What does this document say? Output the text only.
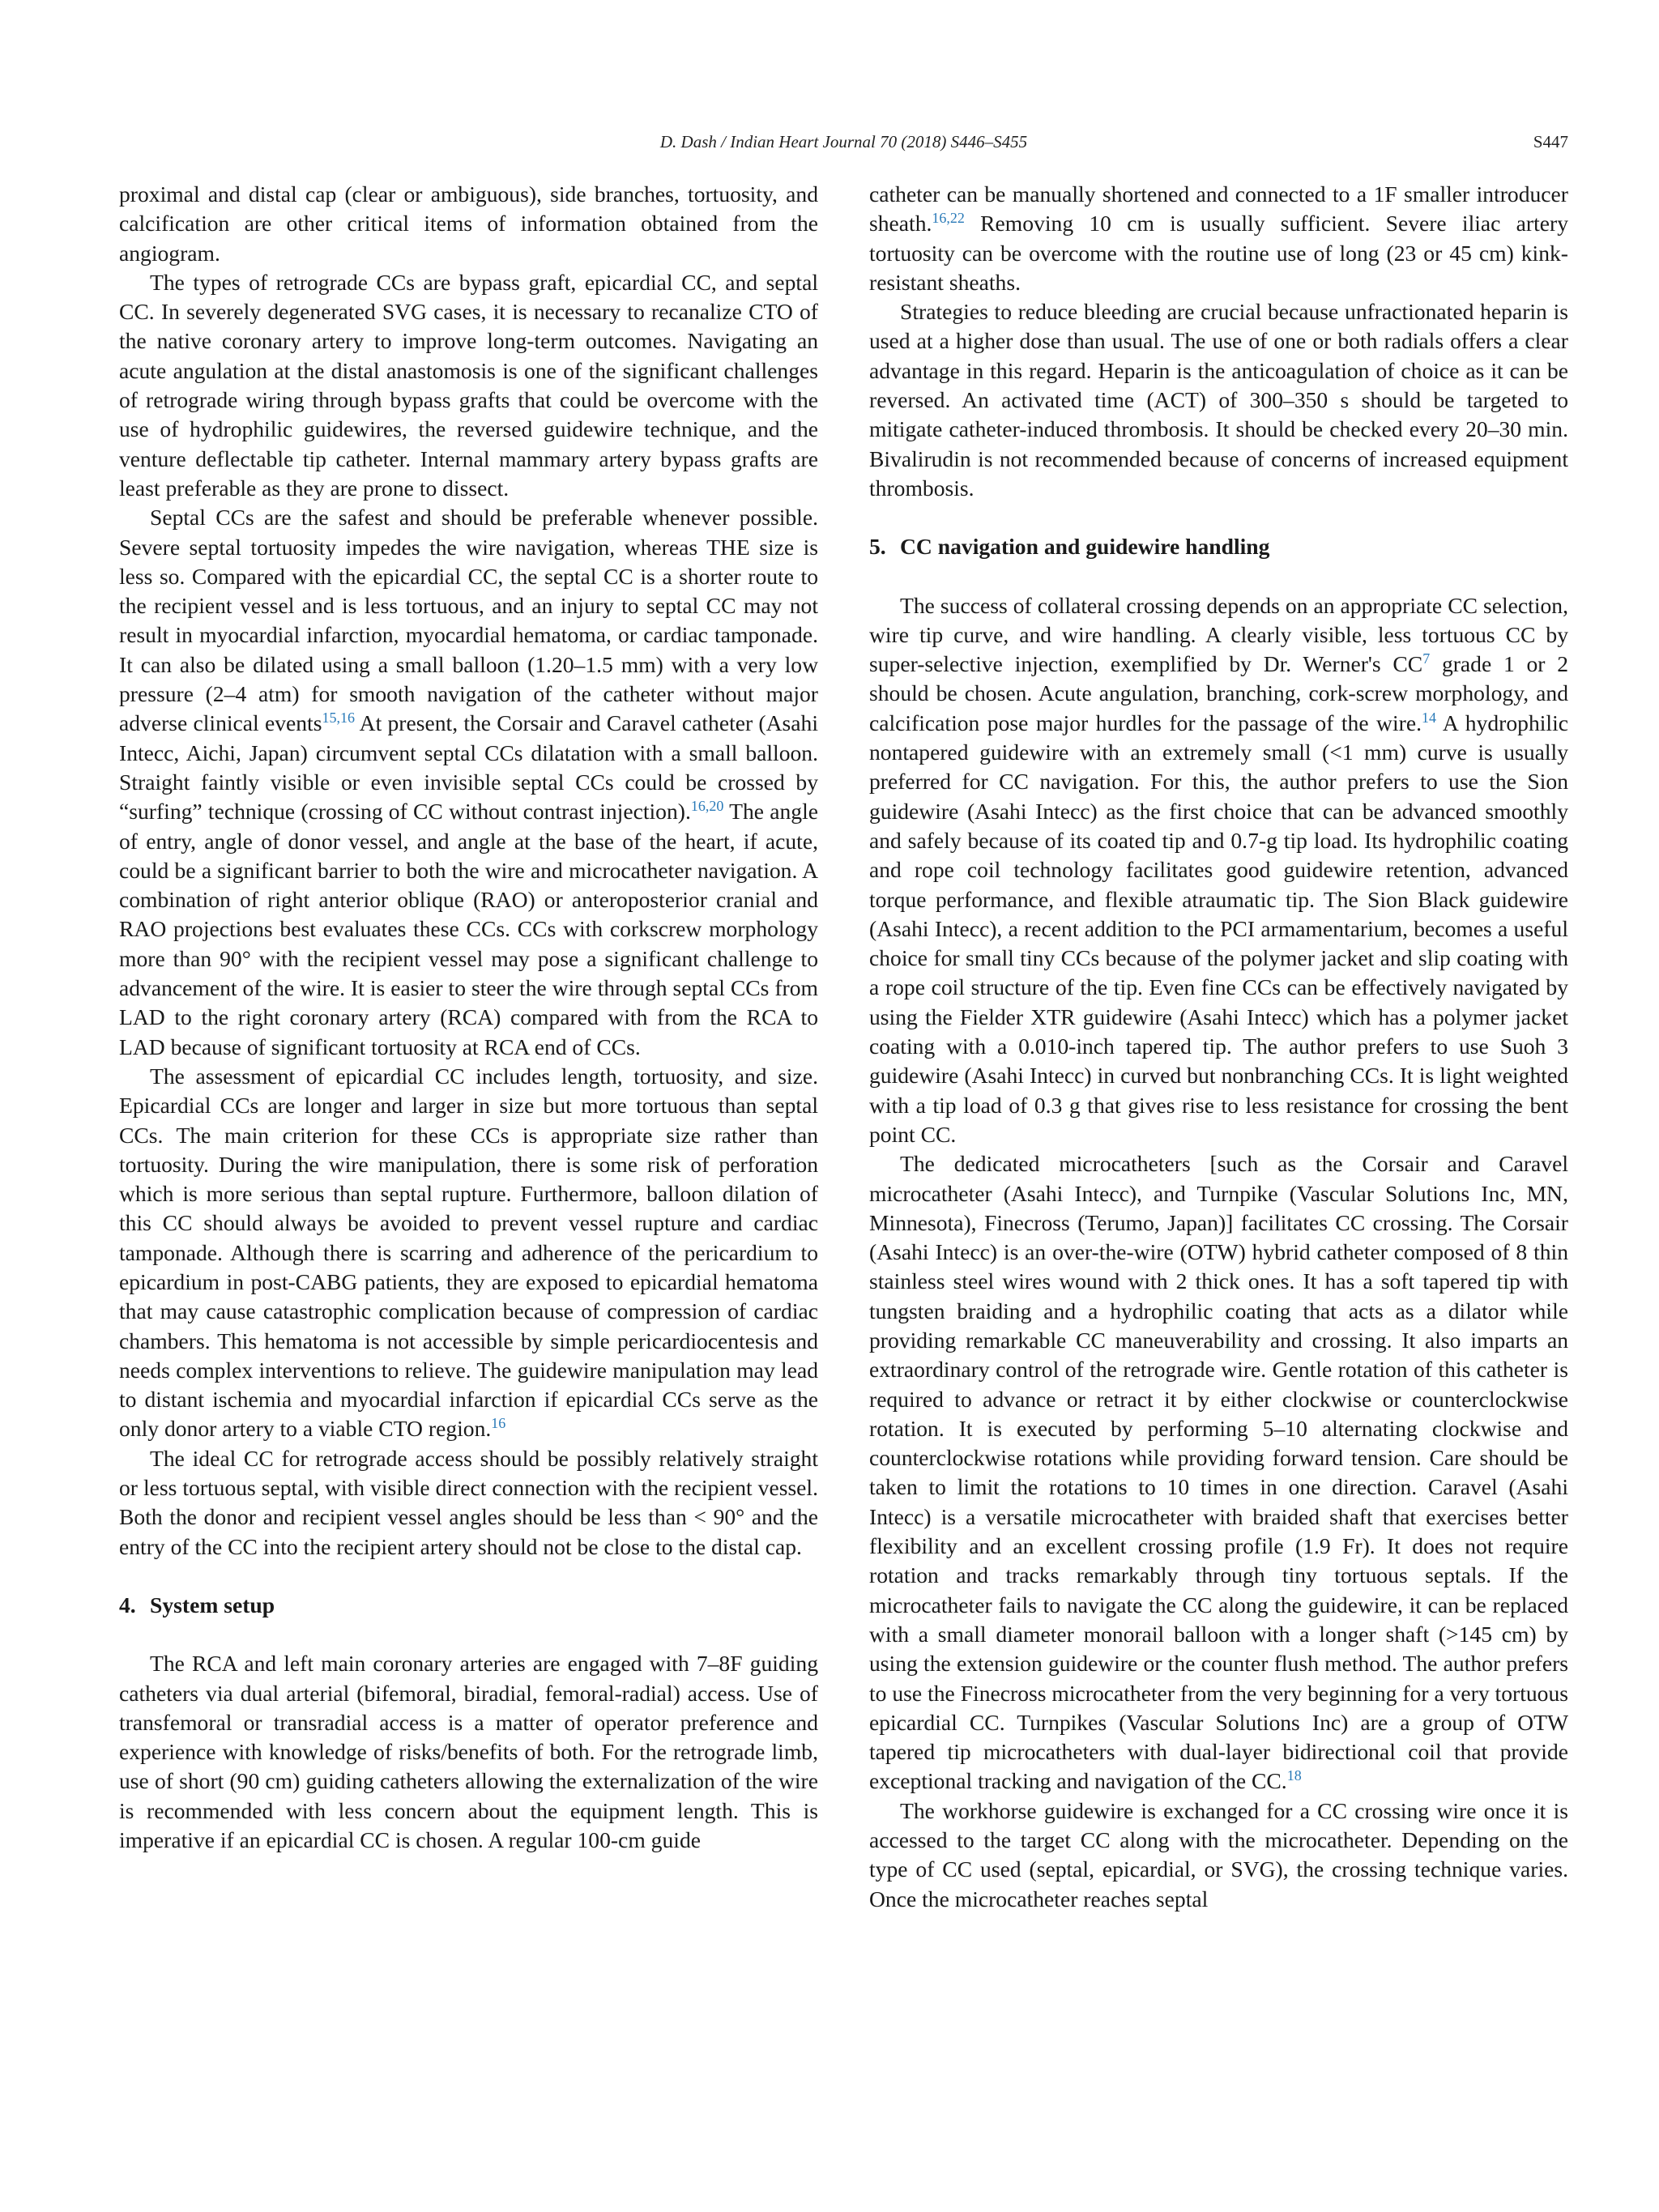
D. Dash / Indian Heart Journal 70 (2018) S446–S455	S447

proximal and distal cap (clear or ambiguous), side branches, tortuosity, and calcification are other critical items of information obtained from the angiogram.

The types of retrograde CCs are bypass graft, epicardial CC, and septal CC. In severely degenerated SVG cases, it is necessary to recanalize CTO of the native coronary artery to improve long-term outcomes. Navigating an acute angulation at the distal anastomosis is one of the significant challenges of retrograde wiring through bypass grafts that could be overcome with the use of hydrophilic guidewires, the reversed guidewire technique, and the venture deflectable tip catheter. Internal mammary artery bypass grafts are least preferable as they are prone to dissect.

Septal CCs are the safest and should be preferable whenever possible. Severe septal tortuosity impedes the wire navigation, whereas THE size is less so. Compared with the epicardial CC, the septal CC is a shorter route to the recipient vessel and is less tortuous, and an injury to septal CC may not result in myocardial infarction, myocardial hematoma, or cardiac tamponade. It can also be dilated using a small balloon (1.20–1.5 mm) with a very low pressure (2–4 atm) for smooth navigation of the catheter without major adverse clinical events$^{15,16}$ At present, the Corsair and Caravel catheter (Asahi Intecc, Aichi, Japan) circumvent septal CCs dilatation with a small balloon. Straight faintly visible or even invisible septal CCs could be crossed by “surfing” technique (crossing of CC without contrast injection).$^{16,20}$ The angle of entry, angle of donor vessel, and angle at the base of the heart, if acute, could be a significant barrier to both the wire and microcatheter navigation. A combination of right anterior oblique (RAO) or anteroposterior cranial and RAO projections best evaluates these CCs. CCs with corkscrew morphology more than 90° with the recipient vessel may pose a significant challenge to advancement of the wire. It is easier to steer the wire through septal CCs from LAD to the right coronary artery (RCA) compared with from the RCA to LAD because of significant tortuosity at RCA end of CCs.

The assessment of epicardial CC includes length, tortuosity, and size. Epicardial CCs are longer and larger in size but more tortuous than septal CCs. The main criterion for these CCs is appropriate size rather than tortuosity. During the wire manipulation, there is some risk of perforation which is more serious than septal rupture. Furthermore, balloon dilation of this CC should always be avoided to prevent vessel rupture and cardiac tamponade. Although there is scarring and adherence of the pericardium to epicardium in post-CABG patients, they are exposed to epicardial hematoma that may cause catastrophic complication because of compression of cardiac chambers. This hematoma is not accessible by simple pericardiocentesis and needs complex interventions to relieve. The guidewire manipulation may lead to distant ischemia and myocardial infarction if epicardial CCs serve as the only donor artery to a viable CTO region.$^{16}$

The ideal CC for retrograde access should be possibly relatively straight or less tortuous septal, with visible direct connection with the recipient vessel. Both the donor and recipient vessel angles should be less than < 90° and the entry of the CC into the recipient artery should not be close to the distal cap.

4. System setup

The RCA and left main coronary arteries are engaged with 7–8F guiding catheters via dual arterial (bifemoral, biradial, femoral-radial) access. Use of transfemoral or transradial access is a matter of operator preference and experience with knowledge of risks/benefits of both. For the retrograde limb, use of short (90 cm) guiding catheters allowing the externalization of the wire is recommended with less concern about the equipment length. This is imperative if an epicardial CC is chosen. A regular 100-cm guide

catheter can be manually shortened and connected to a 1F smaller introducer sheath.$^{16,22}$ Removing 10 cm is usually sufficient. Severe iliac artery tortuosity can be overcome with the routine use of long (23 or 45 cm) kink-resistant sheaths.

Strategies to reduce bleeding are crucial because unfractionated heparin is used at a higher dose than usual. The use of one or both radials offers a clear advantage in this regard. Heparin is the anticoagulation of choice as it can be reversed. An activated time (ACT) of 300–350 s should be targeted to mitigate catheter-induced thrombosis. It should be checked every 20–30 min. Bivalirudin is not recommended because of concerns of increased equipment thrombosis.

5. CC navigation and guidewire handling

The success of collateral crossing depends on an appropriate CC selection, wire tip curve, and wire handling. A clearly visible, less tortuous CC by super-selective injection, exemplified by Dr. Werner's CC$^7$ grade 1 or 2 should be chosen. Acute angulation, branching, cork-screw morphology, and calcification pose major hurdles for the passage of the wire.$^{14}$ A hydrophilic nontapered guidewire with an extremely small (<1 mm) curve is usually preferred for CC navigation. For this, the author prefers to use the Sion guidewire (Asahi Intecc) as the first choice that can be advanced smoothly and safely because of its coated tip and 0.7-g tip load. Its hydrophilic coating and rope coil technology facilitates good guidewire retention, advanced torque performance, and flexible atraumatic tip. The Sion Black guidewire (Asahi Intecc), a recent addition to the PCI armamentarium, becomes a useful choice for small tiny CCs because of the polymer jacket and slip coating with a rope coil structure of the tip. Even fine CCs can be effectively navigated by using the Fielder XTR guidewire (Asahi Intecc) which has a polymer jacket coating with a 0.010-inch tapered tip. The author prefers to use Suoh 3 guidewire (Asahi Intecc) in curved but nonbranching CCs. It is light weighted with a tip load of 0.3 g that gives rise to less resistance for crossing the bent point CC.

The dedicated microcatheters [such as the Corsair and Caravel microcatheter (Asahi Intecc), and Turnpike (Vascular Solutions Inc, MN, Minnesota), Finecross (Terumo, Japan)] facilitates CC crossing. The Corsair (Asahi Intecc) is an over-the-wire (OTW) hybrid catheter composed of 8 thin stainless steel wires wound with 2 thick ones. It has a soft tapered tip with tungsten braiding and a hydrophilic coating that acts as a dilator while providing remarkable CC maneuverability and crossing. It also imparts an extraordinary control of the retrograde wire. Gentle rotation of this catheter is required to advance or retract it by either clockwise or counterclockwise rotation. It is executed by performing 5–10 alternating clockwise and counterclockwise rotations while providing forward tension. Care should be taken to limit the rotations to 10 times in one direction. Caravel (Asahi Intecc) is a versatile microcatheter with braided shaft that exercises better flexibility and an excellent crossing profile (1.9 Fr). It does not require rotation and tracks remarkably through tiny tortuous septals. If the microcatheter fails to navigate the CC along the guidewire, it can be replaced with a small diameter monorail balloon with a longer shaft (>145 cm) by using the extension guidewire or the counter flush method. The author prefers to use the Finecross microcatheter from the very beginning for a very tortuous epicardial CC. Turnpikes (Vascular Solutions Inc) are a group of OTW tapered tip microcatheters with dual-layer bidirectional coil that provide exceptional tracking and navigation of the CC.$^{18}$

The workhorse guidewire is exchanged for a CC crossing wire once it is accessed to the target CC along with the microcatheter. Depending on the type of CC used (septal, epicardial, or SVG), the crossing technique varies. Once the microcatheter reaches septal
